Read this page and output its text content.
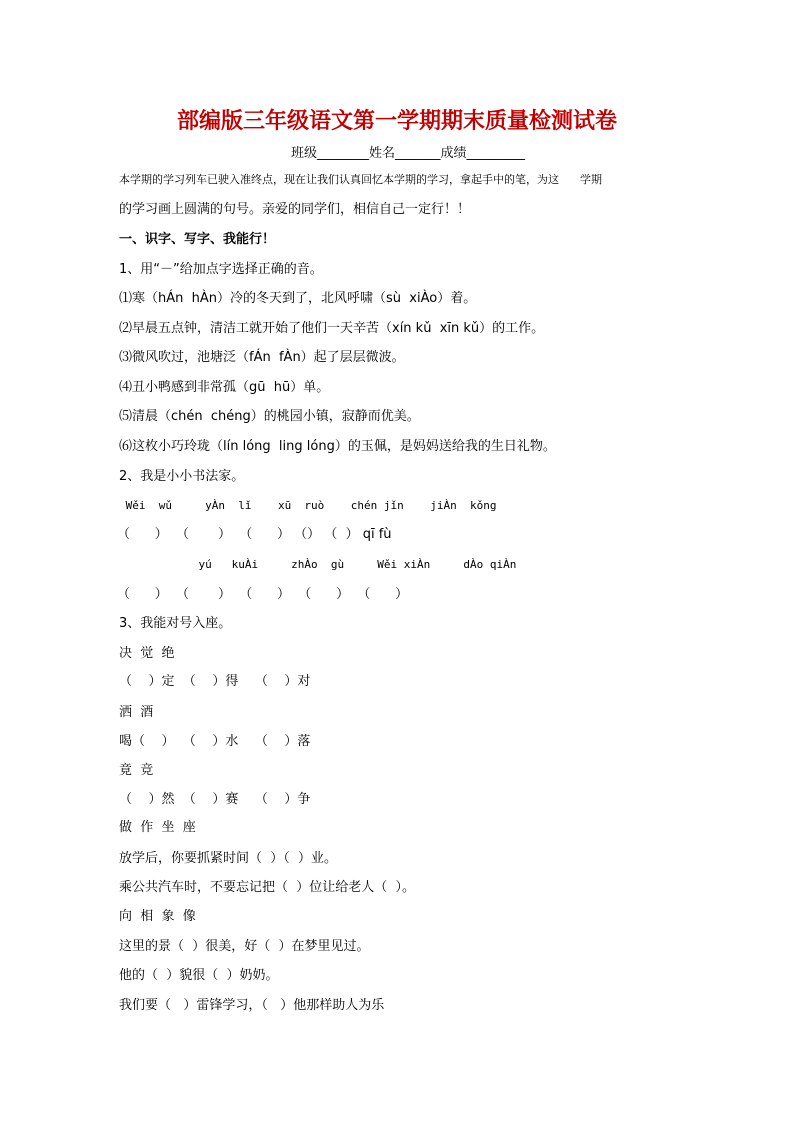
部编版三年级语文第一学期期末质量检测试卷
班级________姓名_______成绩_________
本学期的学习列车已驶入准终点，现在让我们认真回忆本学期的学习，拿起手中的笔，为这      学期
的学习画上圆满的句号。亲爱的同学们，相信自己一定行！！
一、识字、写字、我能行！
1、用“－”给加点字选择正确的音。
⑴寒（hÁn  hÀn）冷的冬天到了，北风呼啸（sù  xiÀo）着。
⑵早晨五点钟，清洁工就开始了他们一天辛苦（xín kǔ  xīn kǔ）的工作。
⑶微风吹过，池塘泛（fÁn  fÀn）起了层层微波。
⑷丑小鸭感到非常孤（gū  hū）单。
⑸清晨（chén  chéng）的桃园小镇，寂静而优美。
⑹这枚小巧玲珑（lín lóng  ling lóng）的玉佩，是妈妈送给我的生日礼物。
2、我是小小书法家。
Wěi  wǔ     yÀn  lǐ    xū  ruò    chén jǐn    jiÀn  kǒng
（      ）  （       ）  （      ） （） （  ） qī fù
yú   kuÀi     zhÀo  gù     Wěi xiÀn     dÀo qiÀn
（      ）  （       ）  （      ）  （      ）  （      ）
3、我能对号入座。
决  觉  绝
（    ）定  （    ）得    （    ）对
洒  酒
喝（    ）  （    ）水    （    ）落
竟  竞
（    ）然  （    ）赛    （    ）争
做  作  坐  座
放学后，你要抓紧时间（  ）（  ）业。
乘公共汽车时，不要忘记把（  ）位让给老人（  ）。
向  相  象  像
这里的景（  ）很美，好（  ）在梦里见过。
他的（  ）貌很（  ）奶奶。
我们要（   ）雷锋学习，（   ）他那样助人为乐
